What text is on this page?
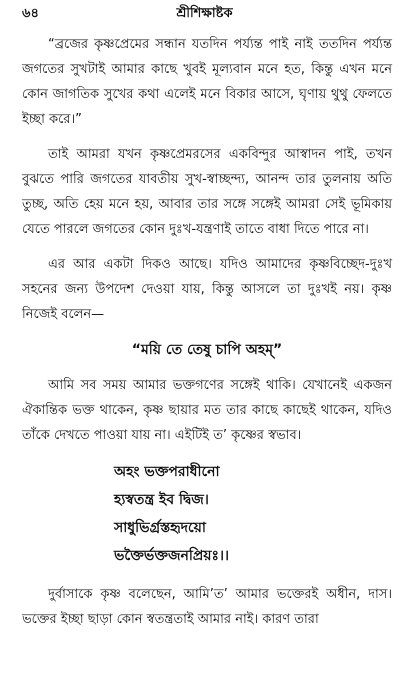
৬৪	শ্রীশিক্ষাষ্টক

“ব্রজের কৃষ্ণপ্রেমের সন্ধান যতদিন পর্য্যন্ত পাই নাই ততদিন পর্য্যন্ত জগতের সুখটাই আমার কাছে খুবই মূল্যবান মনে হত, কিন্তু এখন মনে কোন জাগতিক সুখের কথা এলেই মনে বিকার আসে, ঘৃণায় থুথু ফেলতে ইচ্ছা করে।”

তাই আমরা যখন কৃষ্ণপ্রেমরসের একবিন্দুর আস্বাদন পাই, তখন বুঝতে পারি জগতের যাবতীয় সুখ-স্বাচ্ছন্দ্য, আনন্দ তার তুলনায় অতি তুচ্ছ, অতি হেয় মনে হয়, আবার তার সঙ্গে সঙ্গেই আমরা সেই ভূমিকায় যেতে পারলে জগতের কোন দুঃখ-যন্ত্রণাই তাতে বাধা দিতে পারে না।

এর আর একটা দিকও আছে। যদিও আমাদের কৃষ্ণবিচ্ছেদ-দুঃখ সহনের জন্য উপদেশ দেওয়া যায়, কিন্তু আসলে তা দুঃখই নয়। কৃষ্ণ নিজেই বলেন—

“ময়ি তে তেষু চাপি অহম্”

আমি সব সময় আমার ভক্তগণের সঙ্গেই থাকি। যেখানেই একজন ঐকান্তিক ভক্ত থাকেন, কৃষ্ণ ছায়ার মত তার কাছে কাছেই থাকেন, যদিও তাঁকে দেখতে পাওয়া যায় না। এইটিই ত’ কৃষ্ণের স্বভাব।

অহং ভক্তপরাধীনো
হ্যস্বতন্ত্র ইব দ্বিজ।
সাধুভির্গ্রস্তহৃদয়ো
ভক্তৈর্ভক্তজনপ্রিয়ঃ।।

দুর্বাসাকে কৃষ্ণ বলেছেন, আমি’ত’ আমার ভক্তেরই অধীন, দাস। ভক্তের ইচ্ছা ছাড়া কোন স্বতন্ত্রতাই আমার নাই। কারণ তারা
